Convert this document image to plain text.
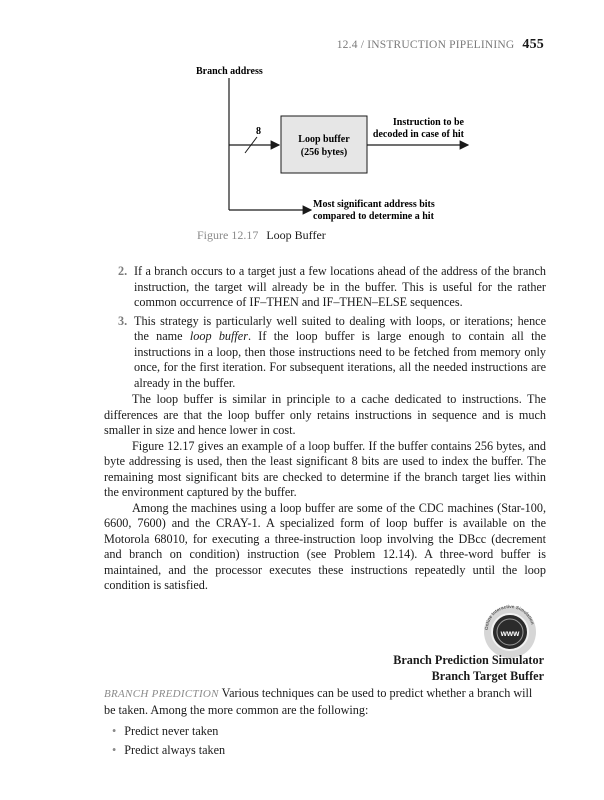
12.4 / INSTRUCTION PIPELINING 455
Branch address
8
Loop buffer
(256 bytes)
Instruction to be
decoded in case of hit
Most significant address bits
compared to determine a hit
Figure 12.17 Loop Buffer
2. If a branch occurs to a target just a few locations ahead of the address of the branch instruction, the target will already be in the buffer. This is useful for the rather common occurrence of IF–THEN and IF–THEN–ELSE sequences.
3. This strategy is particularly well suited to dealing with loops, or iterations; hence the name loop buffer. If the loop buffer is large enough to contain all the instructions in a loop, then those instructions need to be fetched from memory only once, for the first iteration. For subsequent iterations, all the needed instructions are already in the buffer.

The loop buffer is similar in principle to a cache dedicated to instructions. The differences are that the loop buffer only retains instructions in sequence and is much smaller in size and hence lower in cost.

Figure 12.17 gives an example of a loop buffer. If the buffer contains 256 bytes, and byte addressing is used, then the least significant 8 bits are used to index the buffer. The remaining most significant bits are checked to determine if the branch target lies within the environment captured by the buffer.

Among the machines using a loop buffer are some of the CDC machines (Star-100, 6600, 7600) and the CRAY-1. A specialized form of loop buffer is available on the Motorola 68010, for executing a three-instruction loop involving the DBcc (decrement and branch on condition) instruction (see Problem 12.14). A three-word buffer is maintained, and the processor executes these instructions repeatedly until the loop condition is satisfied.

www
Online Interactive Simulation
Branch Prediction Simulator
Branch Target Buffer
BRANCH PREDICTION Various techniques can be used to predict whether a branch will be taken. Among the more common are the following:
• Predict never taken
• Predict always taken
